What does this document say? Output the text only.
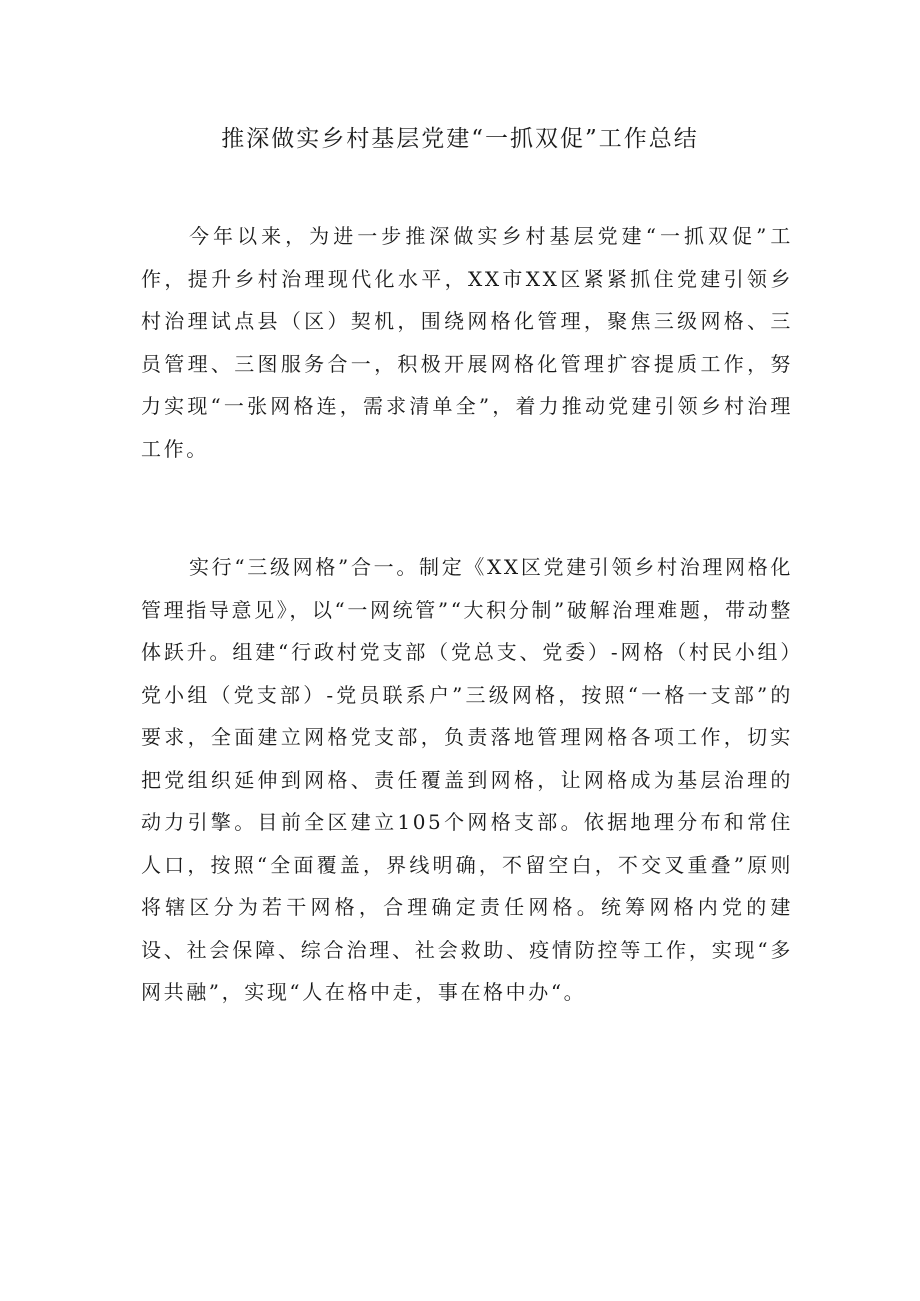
推深做实乡村基层党建“一抓双促”工作总结

今年以来，为进一步推深做实乡村基层党建“一抓双促”工作，提升乡村治理现代化水平，XX市XX区紧紧抓住党建引领乡村治理试点县（区）契机，围绕网格化管理，聚焦三级网格、三员管理、三图服务合一，积极开展网格化管理扩容提质工作，努力实现“一张网格连，需求清单全”，着力推动党建引领乡村治理工作。

实行“三级网格”合一。制定《XX区党建引领乡村治理网格化管理指导意见》，以“一网统管”“大积分制”破解治理难题，带动整体跃升。组建“行政村党支部（党总支、党委）-网格（村民小组）党小组（党支部）-党员联系户”三级网格，按照“一格一支部”的要求，全面建立网格党支部，负责落地管理网格各项工作，切实把党组织延伸到网格、责任覆盖到网格，让网格成为基层治理的动力引擎。目前全区建立105个网格支部。依据地理分布和常住人口，按照“全面覆盖，界线明确，不留空白，不交叉重叠”原则将辖区分为若干网格，合理确定责任网格。统筹网格内党的建设、社会保障、综合治理、社会救助、疫情防控等工作，实现“多网共融”，实现“人在格中走，事在格中办“。
